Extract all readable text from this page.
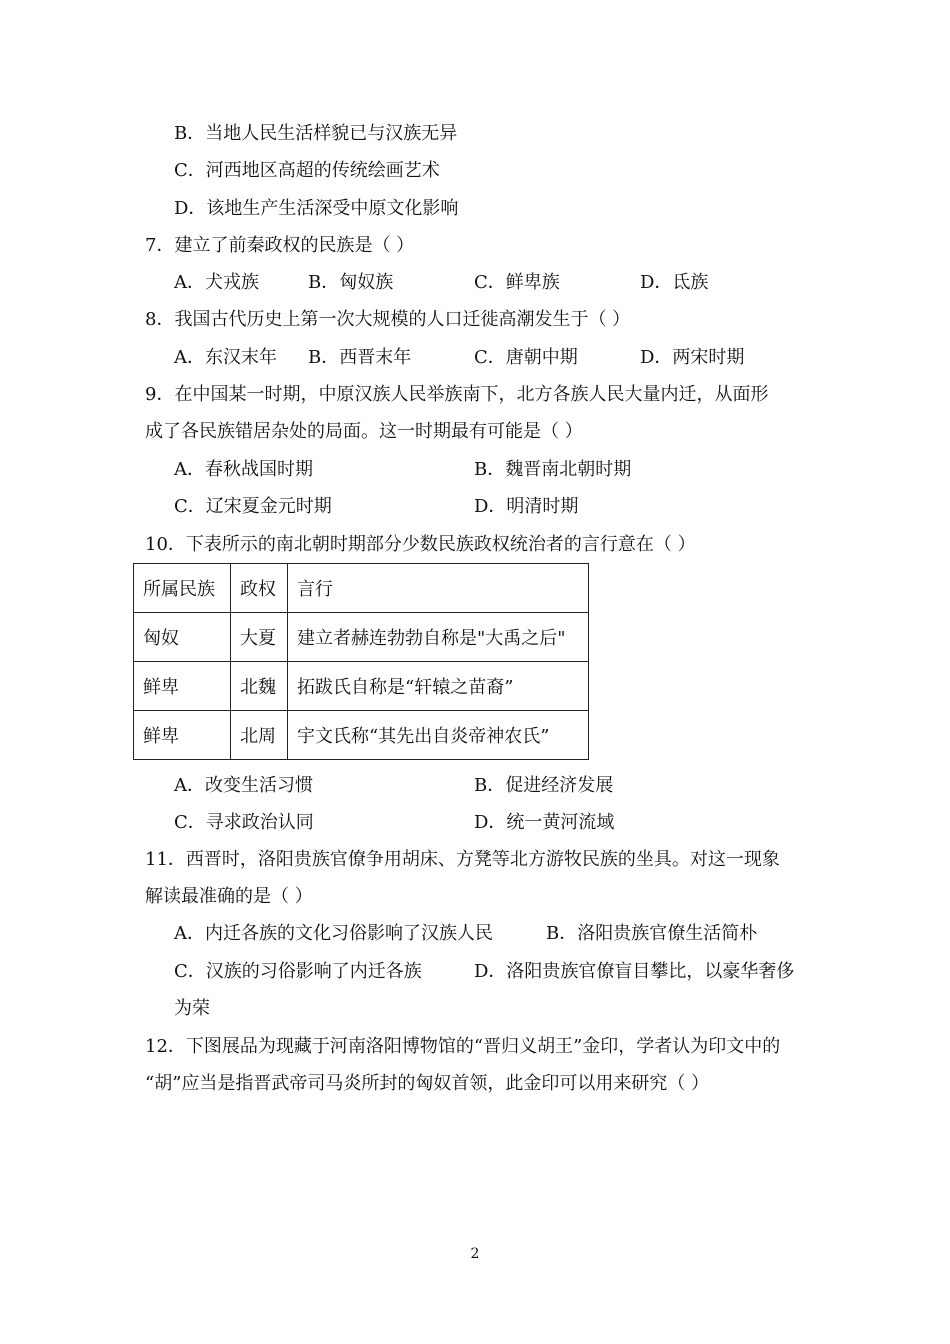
B．当地人民生活样貌已与汉族无异
C．河西地区高超的传统绘画艺术
D．该地生产生活深受中原文化影响
7．建立了前秦政权的民族是（ ）
A．犬戎族	B．匈奴族	C．鲜卑族	D．氐族
8．我国古代历史上第一次大规模的人口迁徙高潮发生于（ ）
A．东汉末年 B．西晋末年	C．唐朝中期	D．两宋时期
9．在中国某一时期，中原汉族人民举族南下，北方各族人民大量内迁，从面形
成了各民族错居杂处的局面。这一时期最有可能是（ ）
A．春秋战国时期	B．魏晋南北朝时期
C．辽宋夏金元时期	D．明清时期
10．下表所示的南北朝时期部分少数民族政权统治者的言行意在（ ）
所属民族	政权	言行
匈奴	大夏	建立者赫连勃勃自称是"大禹之后"
鲜卑	北魏	拓跋氏自称是“轩辕之苗裔”
鲜卑	北周	宇文氏称“其先出自炎帝神农氏”
A．改变生活习惯	B．促进经济发展
C．寻求政治认同	D．统一黄河流域
11．西晋时，洛阳贵族官僚争用胡床、方凳等北方游牧民族的坐具。对这一现象
解读最准确的是（ ）
A．内迁各族的文化习俗影响了汉族人民	B．洛阳贵族官僚生活简朴
C．汉族的习俗影响了内迁各族	D．洛阳贵族官僚盲目攀比，以豪华奢侈
为荣
12．下图展品为现藏于河南洛阳博物馆的“晋归义胡王”金印，学者认为印文中的
“胡”应当是指晋武帝司马炎所封的匈奴首领，此金印可以用来研究（ ）
2
